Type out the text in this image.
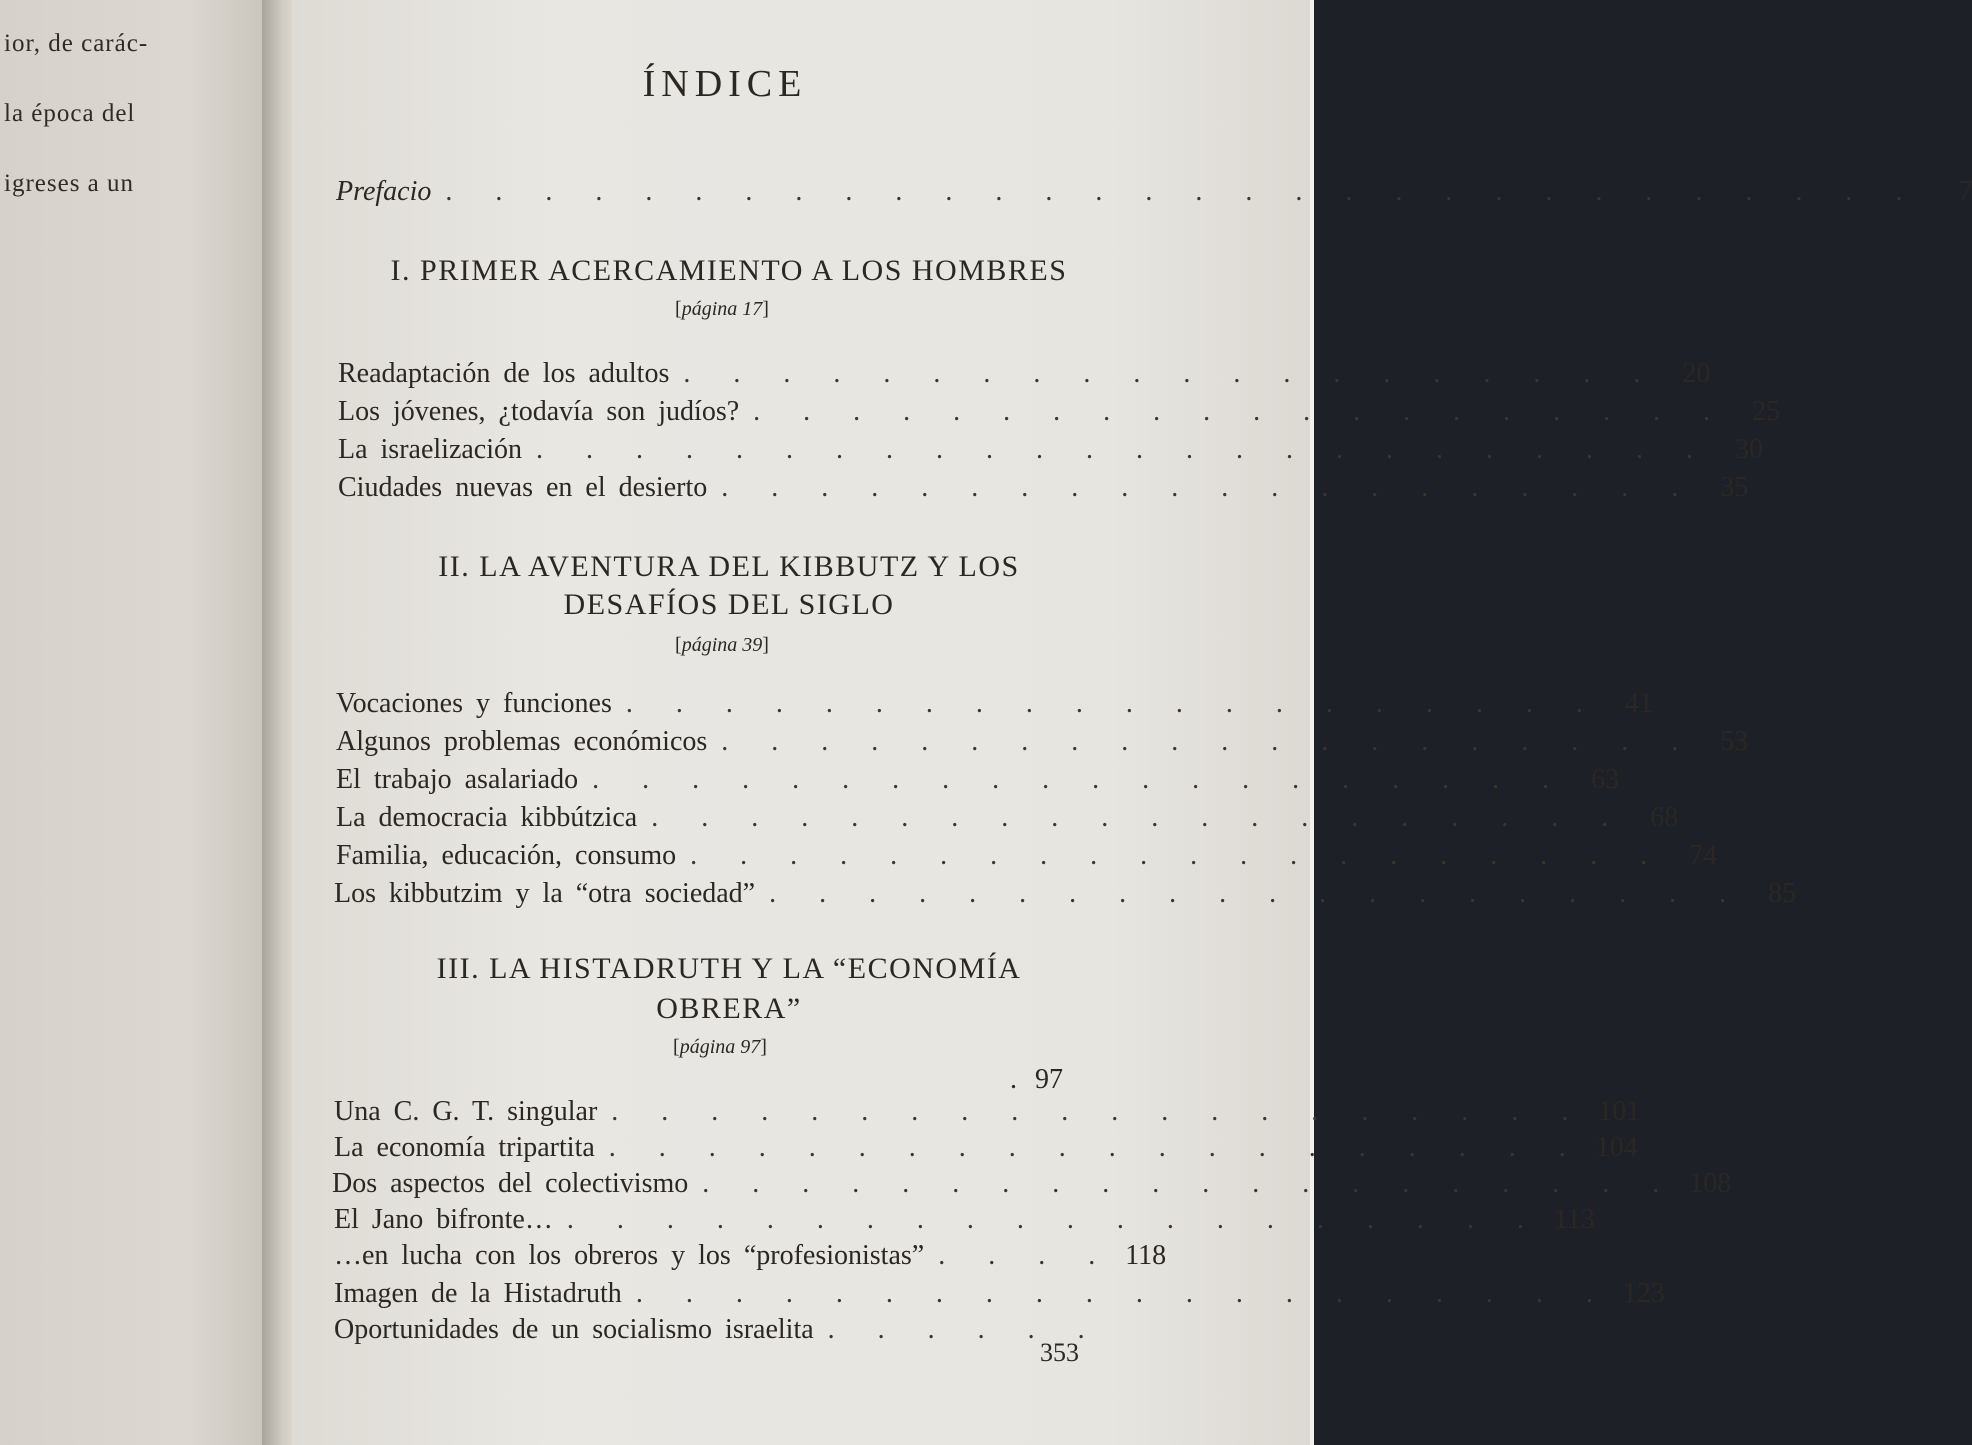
ior, de carác-
la época del
igreses a un
ÍNDICE
Prefacio . . . . . . . . . . . . . . . . . . . . . . . . . . . . . .	7
I. PRIMER ACERCAMIENTO A LOS HOMBRES
[página 17]
Readaptación de los adultos . . . . . . . . . . . . . . . . . . . . 20
Los jóvenes, ¿todavía son judíos? . . . . . . . . . . . . . . . . . . . . 25
La israelización . . . . . . . . . . . . . . . . . . . . . . . . 30
Ciudades nuevas en el desierto . . . . . . . . . . . . . . . . . . . . 35
II. LA AVENTURA DEL KIBBUTZ Y LOS
DESAFÍOS DEL SIGLO
[página 39]
Vocaciones y funciones . . . . . . . . . . . . . . . . . . . . 41
Algunos problemas económicos . . . . . . . . . . . . . . . . . . . . 53
El trabajo asalariado . . . . . . . . . . . . . . . . . . . . 63
La democracia kibbútzica . . . . . . . . . . . . . . . . . . . . 68
Familia, educación, consumo . . . . . . . . . . . . . . . . . . . . 74
Los kibbutzim y la “otra sociedad” . . . . . . . . . . . . . . . . . . . . 85
III. LA HISTADRUTH Y LA “ECONOMÍA
OBRERA”
[página 97]
.97
Una C. G. T. singular . . . . . . . . . . . . . . . . . . . . 101
La economía tripartita . . . . . . . . . . . . . . . . . . . . 104
Dos aspectos del colectivismo . . . . . . . . . . . . . . . . . . . . 108
El Jano bifronte… . . . . . . . . . . . . . . . . . . . . 113
…en lucha con los obreros y los “profesionistas” . . . . 118
Imagen de la Histadruth . . . . . . . . . . . . . . . . . . . . 123
Oportunidades de un socialismo israelita . . . . . .
353
